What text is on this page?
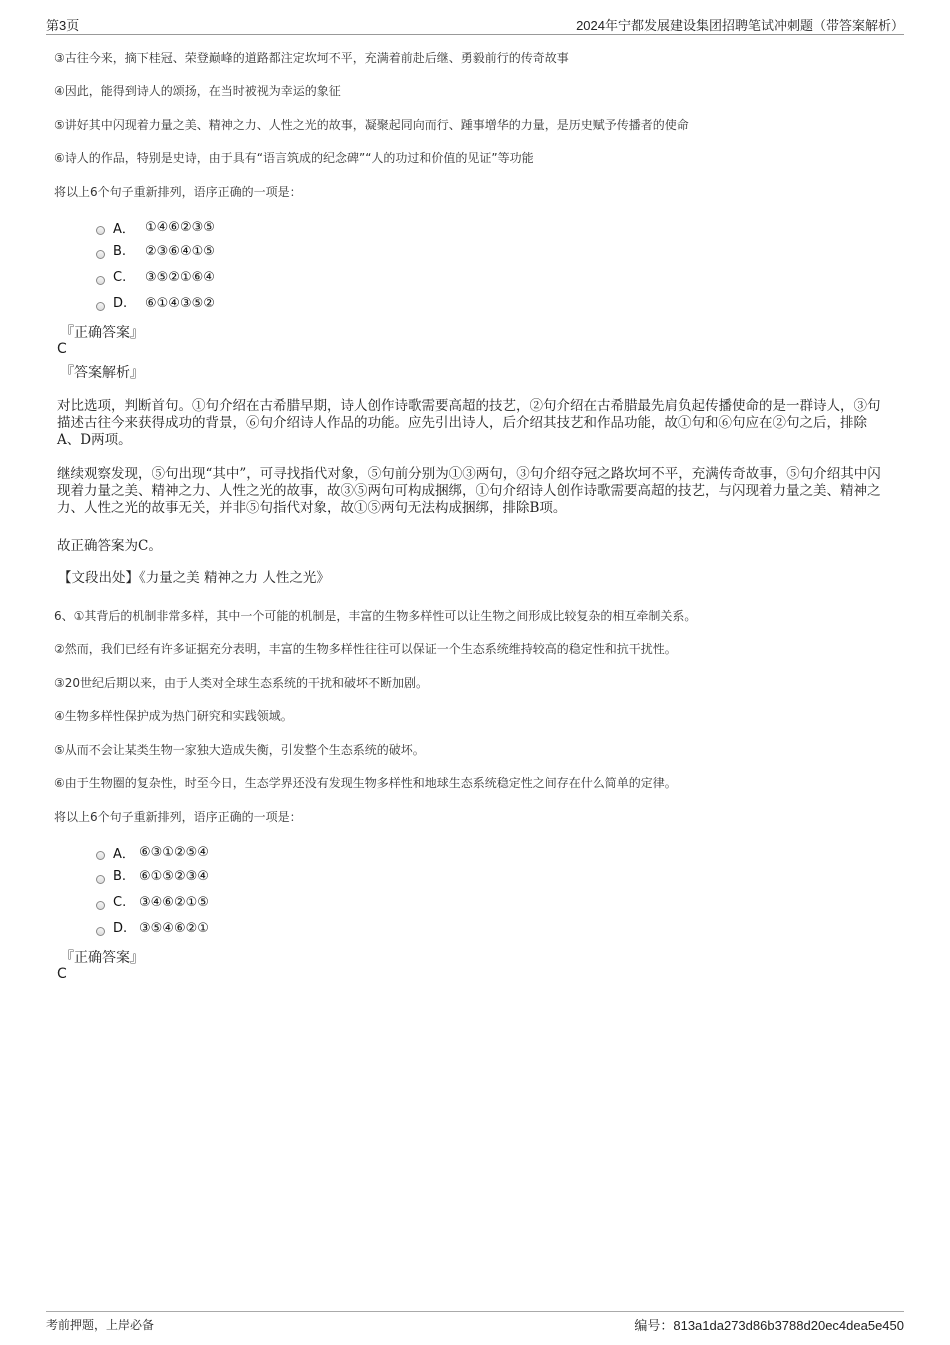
第3页	2024年宁都发展建设集团招聘笔试冲刺题（带答案解析）
③古往今来，摘下桂冠、荣登巅峰的道路都注定坎坷不平，充满着前赴后继、勇毅前行的传奇故事
④因此，能得到诗人的颂扬，在当时被视为幸运的象征
⑤讲好其中闪现着力量之美、精神之力、人性之光的故事，凝聚起同向而行、踵事增华的力量，是历史赋予传播者的使命
⑥诗人的作品，特别是史诗，由于具有“语言筑成的纪念碑”“人的功过和价值的见证”等功能
将以上6个句子重新排列，语序正确的一项是：
A． ①④⑥②③⑤
B.	②③⑥④①⑤
C.	③⑤②①⑥④
D.	⑥①④③⑤②
『正确答案』
C
『答案解析』
对比选项，判断首句。①句介绍在古希腊早期，诗人创作诗歌需要高超的技艺，②句介绍在古希腊最先肩负起传播使命的是一群诗人，③句描述古往今来获得成功的背景，⑥句介绍诗人作品的功能。应先引出诗人，后介绍其技艺和作品功能，故①句和⑥句应在②句之后，排除A、D两项。
继续观察发现，⑤句出现“其中”，可寻找指代对象，⑤句前分别为①③两句，③句介绍夺冠之路坎坷不平，充满传奇故事，⑤句介绍其中闪现着力量之美、精神之力、人性之光的故事，故③⑤两句可构成捆绑，①句介绍诗人创作诗歌需要高超的技艺，与闪现着力量之美、精神之力、人性之光的故事无关，并非⑤句指代对象，故①⑤两句无法构成捆绑，排除B项。
故正确答案为C。
【文段出处】《力量之美 精神之力 人性之光》
6、①其背后的机制非常多样，其中一个可能的机制是，丰富的生物多样性可以让生物之间形成比较复杂的相互牵制关系。
②然而，我们已经有许多证据充分表明，丰富的生物多样性往往可以保证一个生态系统维持较高的稳定性和抗干扰性。
③20世纪后期以来，由于人类对全球生态系统的干扰和破坏不断加剧。
④生物多样性保护成为热门研究和实践领域。
⑤从而不会让某类生物一家独大造成失衡，引发整个生态系统的破坏。
⑥由于生物圈的复杂性，时至今日，生态学界还没有发现生物多样性和地球生态系统稳定性之间存在什么简单的定律。
将以上6个句子重新排列，语序正确的一项是：
A． ⑥③①②⑤④
B. ⑥①⑤②③④
C. ③④⑥②①⑤
D. ③⑤④⑥②①
『正确答案』
C
考前押题，上岸必备	编号：813a1da273d86b3788d20ec4dea5e450
